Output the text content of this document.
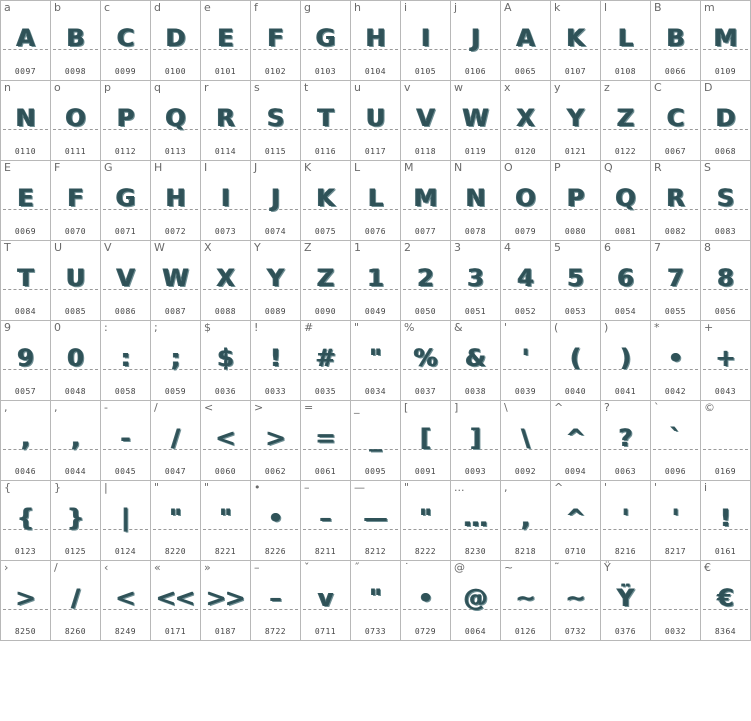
a
A
0097
b
B
0098
c
C
0099
d
D
0100
e
E
0101
f
F
0102
g
G
0103
h
H
0104
i
I
0105
j
J
0106
A
A
0065
k
K
0107
l
L
0108
B
B
0066
m
M
0109
n
N
0110
o
O
0111
p
P
0112
q
Q
0113
r
R
0114
s
S
0115
t
T
0116
u
U
0117
v
V
0118
w
W
0119
x
X
0120
y
Y
0121
z
Z
0122
C
C
0067
D
D
0068
E
E
0069
F
F
0070
G
G
0071
H
H
0072
I
I
0073
J
J
0074
K
K
0075
L
L
0076
M
M
0077
N
N
0078
O
O
0079
P
P
0080
Q
Q
0081
R
R
0082
S
S
0083
T
T
0084
U
U
0085
V
V
0086
W
W
0087
X
X
0088
Y
Y
0089
Z
Z
0090
1
1
0049
2
2
0050
3
3
0051
4
4
0052
5
5
0053
6
6
0054
7
7
0055
8
8
0056
9
9
0057
0
0
0048
:
:
0058
;
;
0059
$
$
0036
!
!
0033
#
#
0035
"
"
0034
%
%
0037
&
&
0038
'
'
0039
(
(
0040
)
)
0041
*
•
0042
+
+
0043
,
,
0046
,
,
0044
-
-
0045
/
/
0047
<
<
0060
>
>
0062
=
=
0061
_
_
0095
[
[
0091
]
]
0093
\
\
0092
^
^
0094
?
?
0063
`
`
0096
©
0169
{
{
0123
}
}
0125
|
|
0124
"
"
8220
"
"
8221
•
•
8226
–
–
8211
—
—
8212
"
"
8222
...
...
8230
,
,
8218
^
^
0710
'
'
8216
'
'
8217
i
!
0161
›
>
8250
/
/
8260
‹
<
8249
«
<<
0171
»
>>
0187
–
–
8722
ˇ
v
0711
˝
"
0733
˙
•
0729
@
@
0064
~
~
0126
˜
~
0732
Ÿ
Ÿ
0376	0032
€
€
8364
